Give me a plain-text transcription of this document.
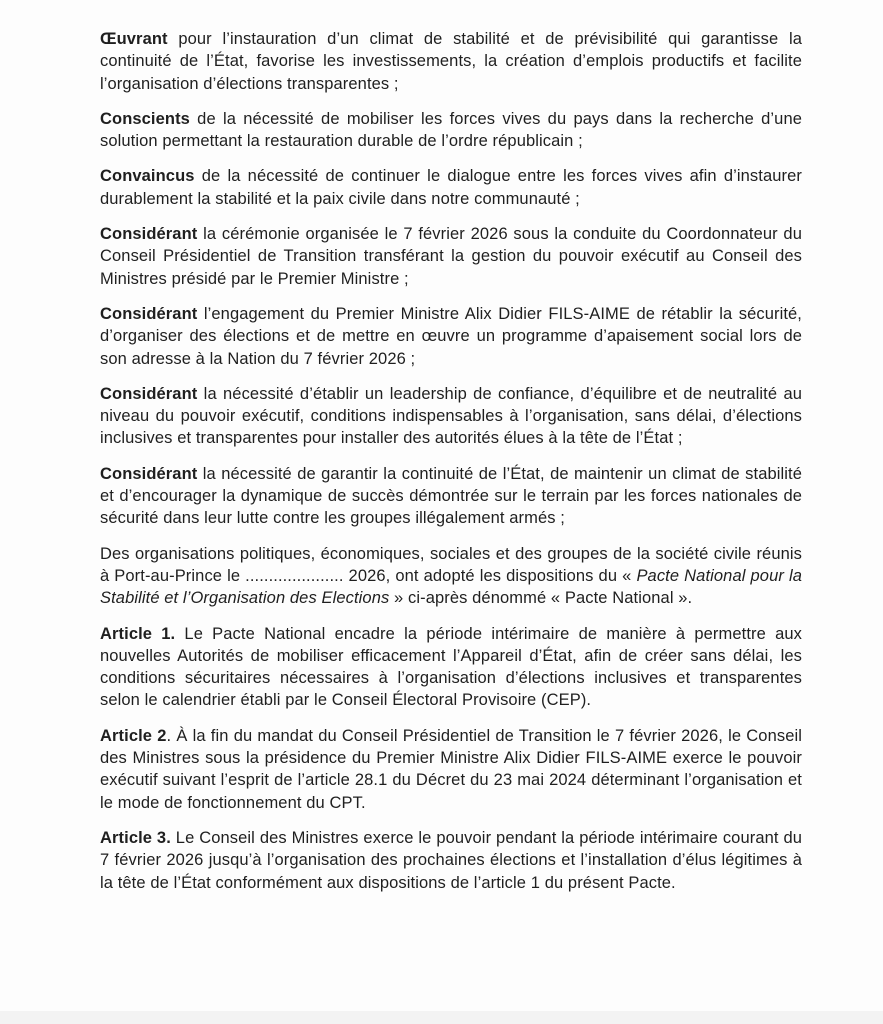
Œuvrant pour l’instauration d’un climat de stabilité et de prévisibilité qui garantisse la continuité de l’État, favorise les investissements, la création d’emplois productifs et facilite l’organisation d’élections transparentes ;

Conscients de la nécessité de mobiliser les forces vives du pays dans la recherche d’une solution permettant la restauration durable de l’ordre républicain ;

Convaincus de la nécessité de continuer le dialogue entre les forces vives afin d’instaurer durablement la stabilité et la paix civile dans notre communauté ;

Considérant la cérémonie organisée le 7 février 2026 sous la conduite du Coordonnateur du Conseil Présidentiel de Transition transférant la gestion du pouvoir exécutif au Conseil des Ministres présidé par le Premier Ministre ;

Considérant l’engagement du Premier Ministre Alix Didier FILS-AIME de rétablir la sécurité, d’organiser des élections et de mettre en œuvre un programme d’apaisement social lors de son adresse à la Nation du 7 février 2026 ;

Considérant la nécessité d’établir un leadership de confiance, d’équilibre et de neutralité au niveau du pouvoir exécutif, conditions indispensables à l’organisation, sans délai, d’élections inclusives et transparentes pour installer des autorités élues à la tête de l’État ;

Considérant la nécessité de garantir la continuité de l’État, de maintenir un climat de stabilité et d’encourager la dynamique de succès démontrée sur le terrain par les forces nationales de sécurité dans leur lutte contre les groupes illégalement armés ;

Des organisations politiques, économiques, sociales et des groupes de la société civile réunis à Port-au-Prince le ..................... 2026, ont adopté les dispositions du « Pacte National pour la Stabilité et l’Organisation des Elections » ci-après dénommé « Pacte National ».

Article 1. Le Pacte National encadre la période intérimaire de manière à permettre aux nouvelles Autorités de mobiliser efficacement l’Appareil d’État, afin de créer sans délai, les conditions sécuritaires nécessaires à l’organisation d’élections inclusives et transparentes selon le calendrier établi par le Conseil Électoral Provisoire (CEP).

Article 2. À la fin du mandat du Conseil Présidentiel de Transition le 7 février 2026, le Conseil des Ministres sous la présidence du Premier Ministre Alix Didier FILS-AIME exerce le pouvoir exécutif suivant l’esprit de l’article 28.1 du Décret du 23 mai 2024 déterminant l’organisation et le mode de fonctionnement du CPT.

Article 3. Le Conseil des Ministres exerce le pouvoir pendant la période intérimaire courant du 7 février 2026 jusqu’à l’organisation des prochaines élections et l’installation d’élus légitimes à la tête de l’État conformément aux dispositions de l’article 1 du présent Pacte.
